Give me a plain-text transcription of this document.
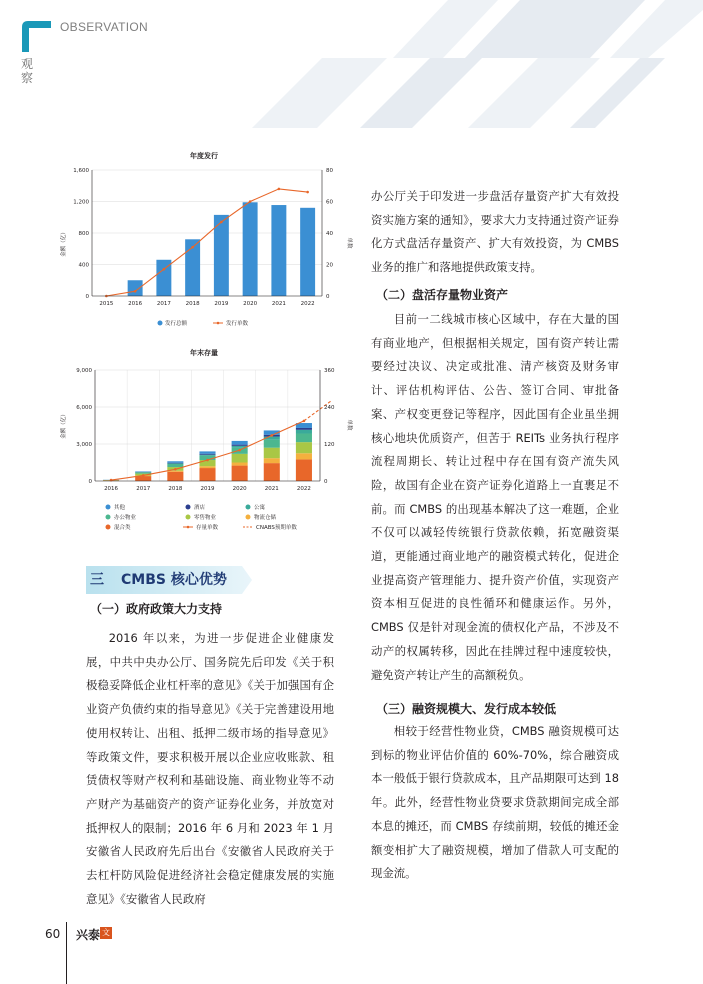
OBSERVATION
观察
年度发行
0
400
800
1,200
1,600
0
20
40
60
80
2015	2016	2017	2018	2019	2020	2021	2022
金额（亿）	单数
发行总额	发行单数
年末存量
0
3,000
6,000
9,000
0
120
240
360
2016	2017	2018	2019	2020	2021	2022
金额（亿）	单数
其他	酒店	公寓
办公物业	零售物业	物流仓储
混合类	存量单数	CNABS预期单数
三 CMBS 核心优势
（一）政府政策大力支持

2016 年以来，为进一步促进企业健康发展，中共中央办公厅、国务院先后印发《关于积极稳妥降低企业杠杆率的意见》《关于加强国有企业资产负债约束的指导意见》《关于完善建设用地使用权转让、出租、抵押二级市场的指导意见》等政策文件，要求积极开展以企业应收账款、租赁债权等财产权利和基础设施、商业物业等不动产财产为基础资产的资产证券化业务，并放宽对抵押权人的限制；2016 年 6 月和 2023 年 1 月安徽省人民政府先后出台《安徽省人民政府关于去杠杆防风险促进经济社会稳定健康发展的实施意见》《安徽省人民政府

办公厅关于印发进一步盘活存量资产扩大有效投资实施方案的通知》，要求大力支持通过资产证券化方式盘活存量资产、扩大有效投资，为 CMBS 业务的推广和落地提供政策支持。

（二）盘活存量物业资产

目前一二线城市核心区域中，存在大量的国有商业地产，但根据相关规定，国有资产转让需要经过决议、决定或批准、清产核资及财务审计、评估机构评估、公告、签订合同、审批备案、产权变更登记等程序，因此国有企业虽坐拥核心地块优质资产，但苦于 REITs 业务执行程序流程周期长、转让过程中存在国有资产流失风险，故国有企业在资产证券化道路上一直裹足不前。而 CMBS 的出现基本解决了这一难题，企业不仅可以减轻传统银行贷款依赖，拓宽融资渠道，更能通过商业地产的融资模式转化，促进企业提高资产管理能力、提升资产价值，实现资产资本相互促进的良性循环和健康运作。另外，CMBS 仅是针对现金流的债权化产品，不涉及不动产的权属转移，因此在挂牌过程中速度较快，避免资产转让产生的高额税负。

（三）融资规模大、发行成本较低

相较于经营性物业贷，CMBS 融资规模可达到标的物业评估价值的 60%-70%，综合融资成本一般低于银行贷款成本，且产品期限可达到 18 年。此外，经营性物业贷要求贷款期间完成全部本息的摊还，而 CMBS 存续前期，较低的摊还金额变相扩大了融资规模，增加了借款人可支配的现金流。

60 兴泰 文
